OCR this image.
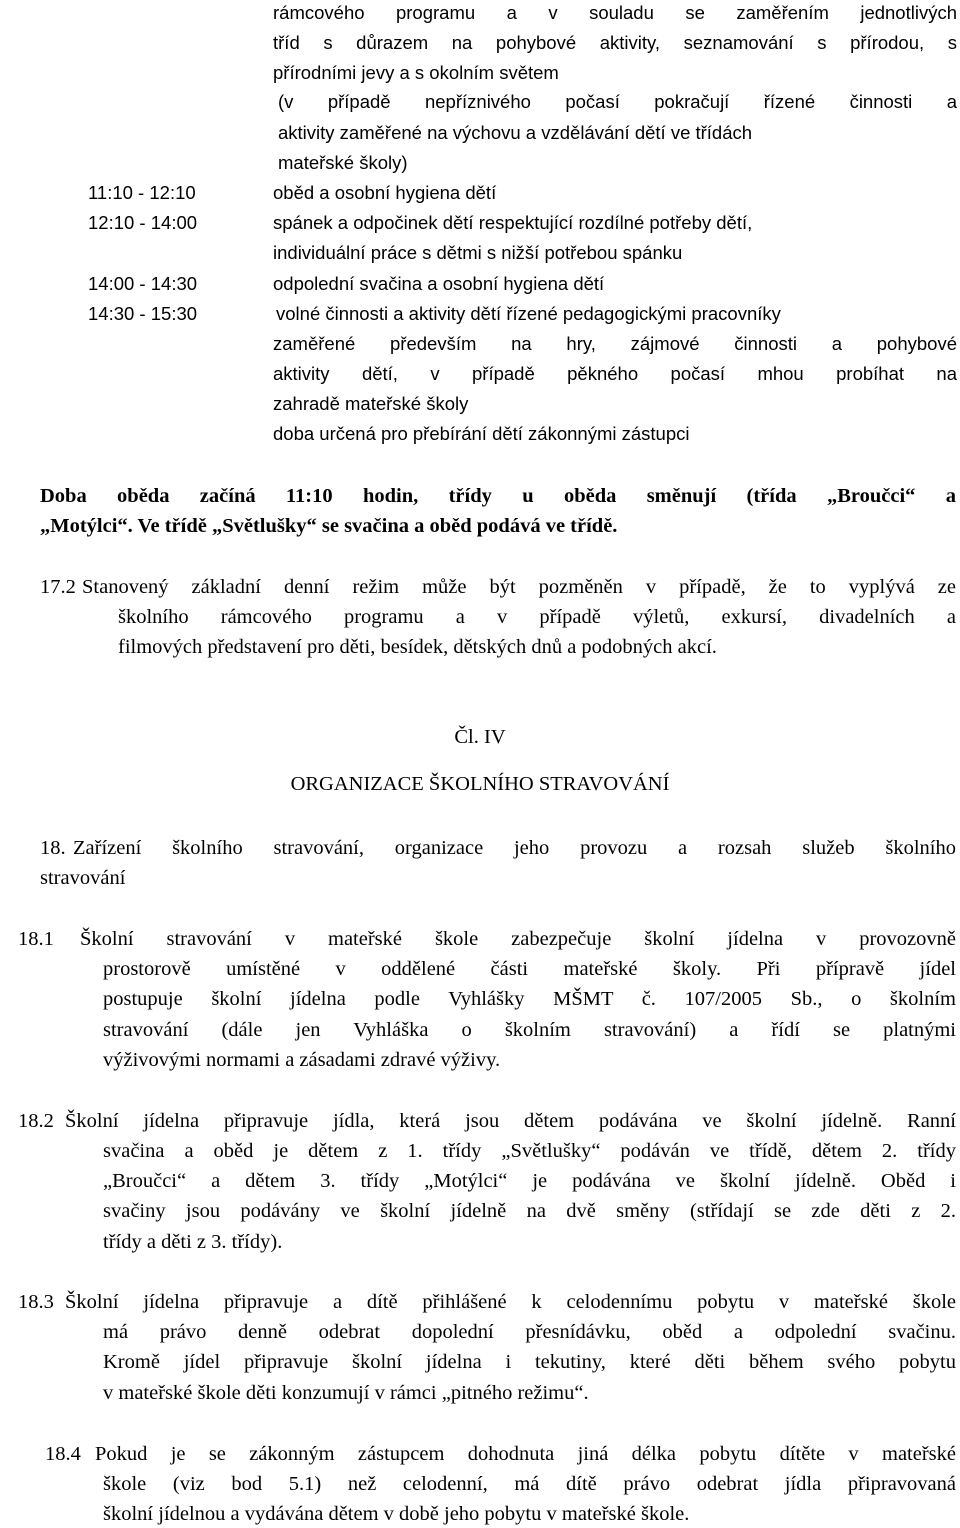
rámcového programu a v souladu se zaměřením jednotlivých
tříd s důrazem na pohybové aktivity, seznamování s přírodou, s
přírodními jevy a s okolním světem
(v případě nepříznivého počasí pokračují řízené činnosti a
aktivity zaměřené na výchovu a vzdělávání dětí ve třídách
mateřské školy)
11:10 - 12:10	oběd a osobní hygiena dětí
12:10 - 14:00	spánek a odpočinek dětí respektující rozdílné potřeby dětí,
individuální práce s dětmi s nižší potřebou spánku
14:00 - 14:30	odpolední svačina a osobní hygiena dětí
14:30 - 15:30	volné činnosti a aktivity dětí řízené pedagogickými pracovníky
zaměřené především na hry, zájmové činnosti a pohybové
aktivity dětí, v případě pěkného počasí mhou probíhat na
zahradě mateřské školy
doba určená pro přebírání dětí zákonnými zástupci
Doba oběda začíná 11:10 hodin, třídy u oběda směnují (třída „Broučci“ a
„Motýlci“. Ve třídě „Světlušky“ se svačina a oběd podává ve třídě.
17.2 Stanovený základní denní režim může být pozměněn v případě, že to vyplývá ze
školního rámcového programu a v případě výletů, exkursí, divadelních a
filmových představení pro děti, besídek, dětských dnů a podobných akcí.
Čl. IV
ORGANIZACE ŠKOLNÍHO STRAVOVÁNÍ
18. Zařízení školního stravování, organizace jeho provozu a rozsah služeb školního
stravování
18.1 Školní stravování v mateřské škole zabezpečuje školní jídelna v provozovně
prostorově umístěné v oddělené části mateřské školy. Při přípravě jídel
postupuje školní jídelna podle Vyhlášky MŠMT č. 107/2005 Sb., o školním
stravování (dále jen Vyhláška o školním stravování) a řídí se platnými
výživovými normami a zásadami zdravé výživy.
18.2 Školní jídelna připravuje jídla, která jsou dětem podávána ve školní jídelně. Ranní
svačina a oběd je dětem z 1. třídy „Světlušky“ podáván ve třídě, dětem 2. třídy
„Broučci“ a dětem 3. třídy „Motýlci“ je podávána ve školní jídelně. Oběd i
svačiny jsou podávány ve školní jídelně na dvě směny (střídají se zde děti z 2.
třídy a děti z 3. třídy).
18.3 Školní jídelna připravuje a dítě přihlášené k celodennímu pobytu v mateřské škole
má právo denně odebrat dopolední přesnídávku, oběd a odpolední svačinu.
Kromě jídel připravuje školní jídelna i tekutiny, které děti během svého pobytu
v mateřské škole děti konzumují v rámci „pitného režimu“.
18.4 Pokud je se zákonným zástupcem dohodnuta jiná délka pobytu dítěte v mateřské
škole (viz bod 5.1) než celodenní, má dítě právo odebrat jídla připravovaná
školní jídelnou a vydávána dětem v době jeho pobytu v mateřské škole.
